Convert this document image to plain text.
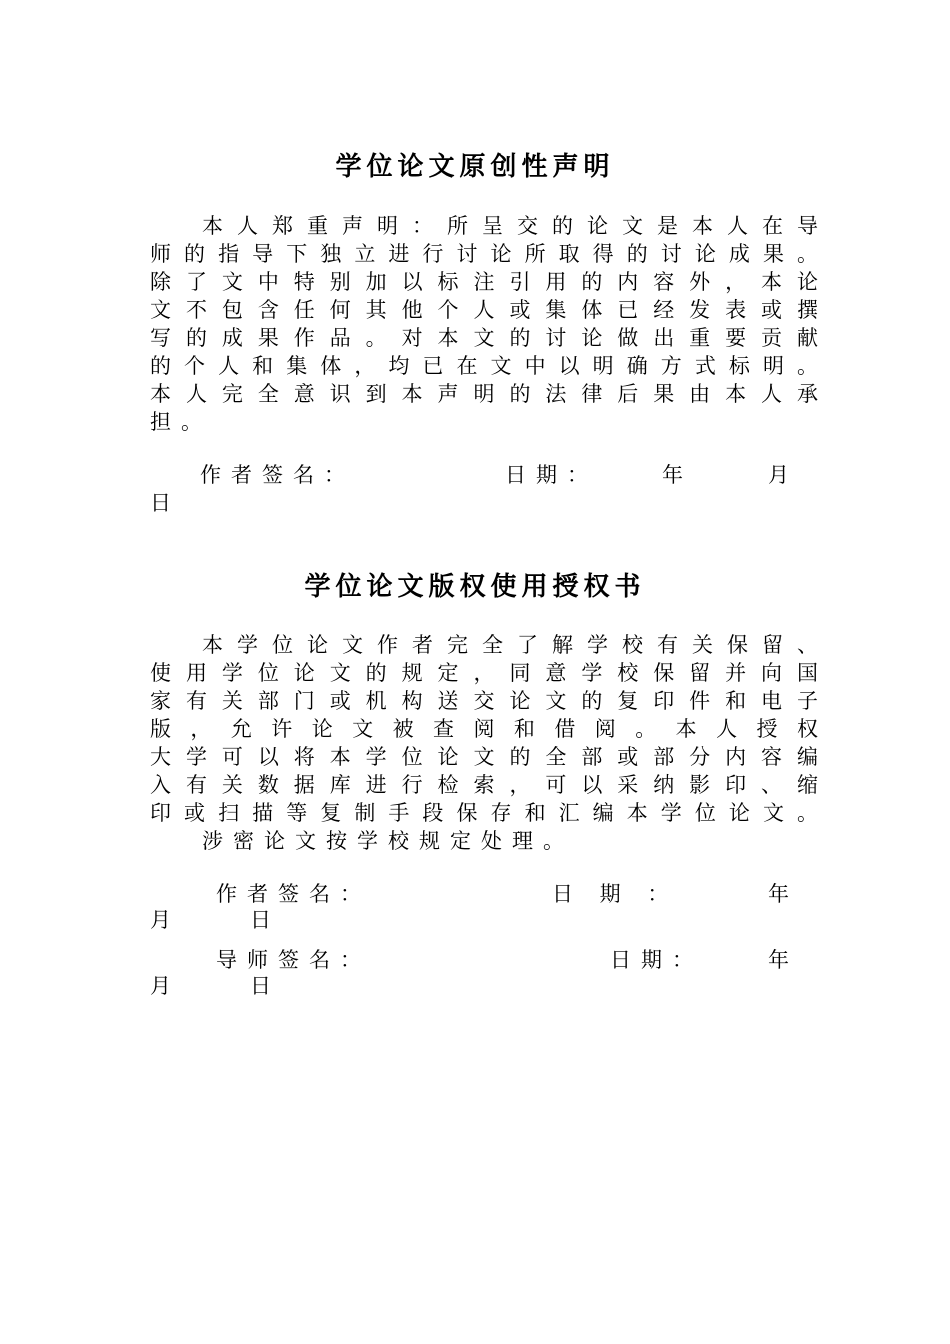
学位论文原创性声明
本人郑重声明：所呈交的论文是本人在导
师的指导下独立进行讨论所取得的讨论成果。
除了文中特别加以标注引用的内容外，本论
文不包含任何其他个人或集体已经发表或撰
写的成果作品。对本文的讨论做出重要贡献
的个人和集体，均已在文中以明确方式标明。
本人完全意识到本声明的法律后果由本人承
担。
作者签名：	日期：	年	月
日
学位论文版权使用授权书
本学位论文作者完全了解学校有关保留、
使用学位论文的规定，同意学校保留并向国
家有关部门或机构送交论文的复印件和电子
版，允许论文被查阅和借阅。本人授权
大学可以将本学位论文的全部或部分内容编
入有关数据库进行检索，可以采纳影印、缩
印或扫描等复制手段保存和汇编本学位论文。
涉密论文按学校规定处理。
作者签名：	日 期 ：	年
月	日
导师签名：	日期：	年
月	日
